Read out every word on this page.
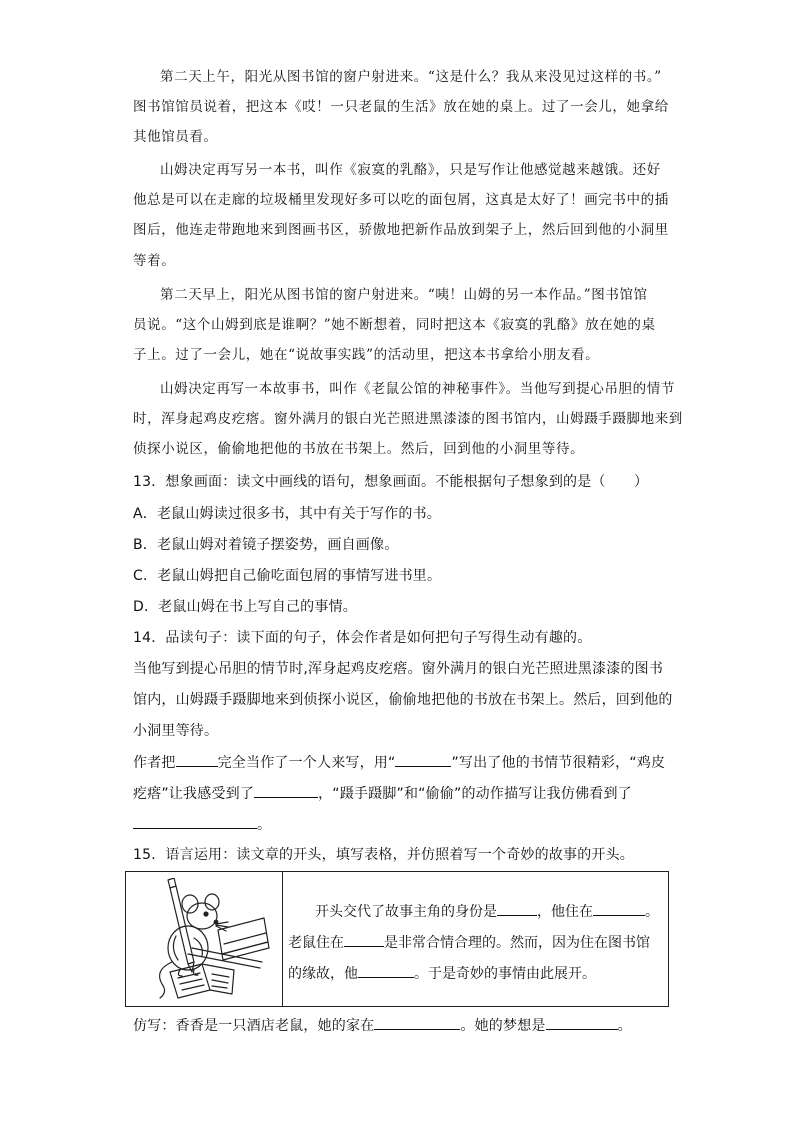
第二天上午，阳光从图书馆的窗户射进来。“这是什么？我从来没见过这样的书。”
图书馆馆员说着，把这本《哎！一只老鼠的生活》放在她的桌上。过了一会儿，她拿给
其他馆员看。
山姆决定再写另一本书，叫作《寂寞的乳酪》，只是写作让他感觉越来越饿。还好
他总是可以在走廊的垃圾桶里发现好多可以吃的面包屑，这真是太好了！画完书中的插
图后，他连走带跑地来到图画书区，骄傲地把新作品放到架子上，然后回到他的小洞里
等着。
第二天早上，阳光从图书馆的窗户射进来。“咦！山姆的另一本作品。”图书馆馆
员说。“这个山姆到底是谁啊？”她不断想着，同时把这本《寂寞的乳酪》放在她的桌
子上。过了一会儿，她在“说故事实践”的活动里，把这本书拿给小朋友看。
山姆决定再写一本故事书，叫作《老鼠公馆的神秘事件》。当他写到提心吊胆的情节
时，浑身起鸡皮疙瘩。窗外满月的银白光芒照进黑漆漆的图书馆内，山姆蹑手蹑脚地来到
侦探小说区，偷偷地把他的书放在书架上。然后，回到他的小洞里等待。
13．想象画面：读文中画线的语句，想象画面。不能根据句子想象到的是（　　）
A．老鼠山姆读过很多书，其中有关于写作的书。
B．老鼠山姆对着镜子摆姿势，画自画像。
C．老鼠山姆把自己偷吃面包屑的事情写进书里。
D．老鼠山姆在书上写自己的事情。
14．品读句子：读下面的句子，体会作者是如何把句子写得生动有趣的。
当他写到提心吊胆的情节时,浑身起鸡皮疙瘩。窗外满月的银白光芒照进黑漆漆的图书
馆内，山姆蹑手蹑脚地来到侦探小说区，偷偷地把他的书放在书架上。然后，回到他的
小洞里等待。
作者把	完全当作了一个人来写，用“	”写出了他的书情节很精彩，“鸡皮
疙瘩”让我感受到了	，“蹑手蹑脚”和“偷偷”的动作描写让我仿佛看到了
。
15．语言运用：读文章的开头，填写表格，并仿照着写一个奇妙的故事的开头。
开头交代了故事主角的身份是	，他住在	。
老鼠住在	是非常合情合理的。然而，因为住在图书馆
的缘故，他	。于是奇妙的事情由此展开。
仿写：香香是一只酒店老鼠，她的家在	。她的梦想是	。
